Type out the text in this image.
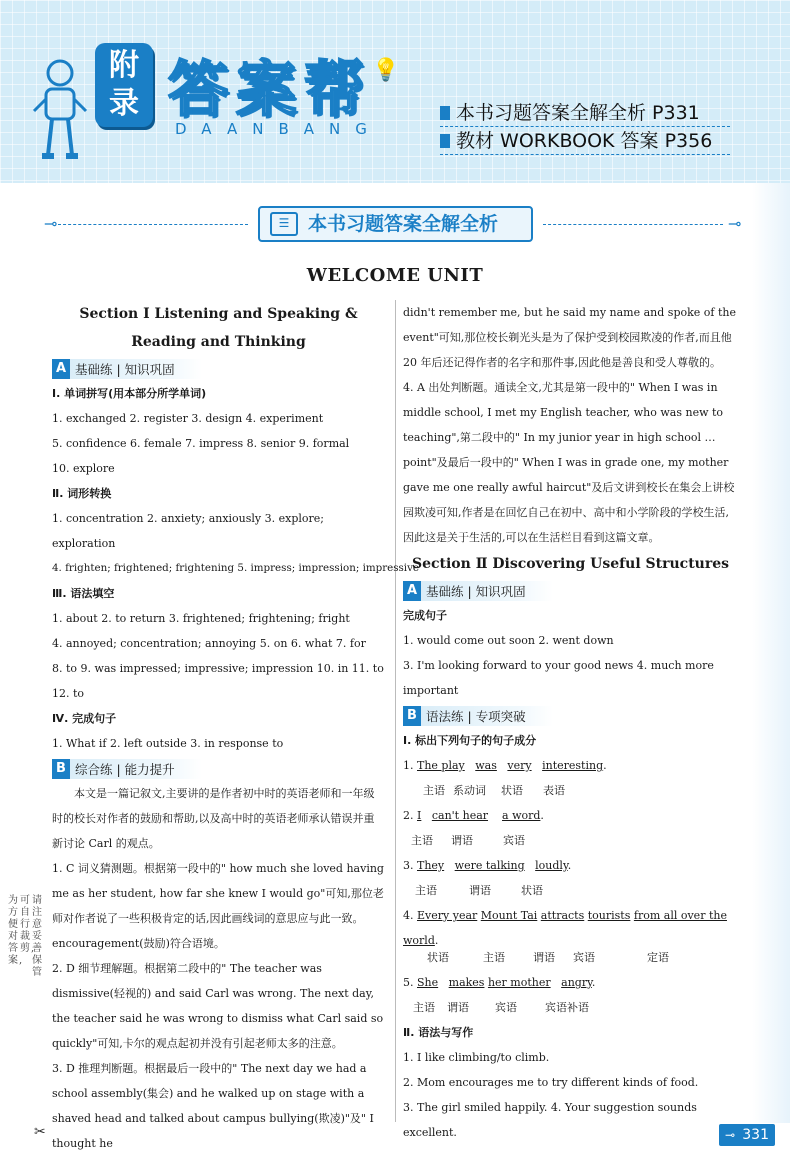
附
录 答案帮
DAANBANG
💡
本书习题答案全解全析 P331
教材 WORKBOOK 答案 P356
⊸	⊸
☰ 本书习题答案全解全析
WELCOME UNIT
Section Ⅰ Listening and Speaking &
Reading and Thinking
A 基础练 | 知识巩固
Ⅰ. 单词拼写(用本部分所学单词)
1. exchanged 2. register 3. design 4. experiment
5. confidence 6. female 7. impress 8. senior 9. formal
10. explore
Ⅱ. 词形转换
1. concentration 2. anxiety; anxiously 3. explore; exploration
4. frighten; frightened; frightening 5. impress; impression; impressive
Ⅲ. 语法填空
1. about 2. to return 3. frightened; frightening; fright
4. annoyed; concentration; annoying 5. on 6. what 7. for
8. to 9. was impressed; impressive; impression 10. in 11. to
12. to
Ⅳ. 完成句子
1. What if 2. left outside 3. in response to
B 综合练 | 能力提升
本文是一篇记叙文,主要讲的是作者初中时的英语老师和一年级时的校长对作者的鼓励和帮助,以及高中时的英语老师承认错误并重新讨论 Carl 的观点。
1. C 词义猜测题。根据第一段中的" how much she loved having me as her student, how far she knew I would go"可知,那位老师对作者说了一些积极肯定的话,因此画线词的意思应与此一致。encouragement(鼓励)符合语境。
2. D 细节理解题。根据第二段中的" The teacher was dismissive(轻视的) and said Carl was wrong. The next day, the teacher said he was wrong to dismiss what Carl said so quickly"可知,卡尔的观点起初并没有引起老师太多的注意。
3. D 推理判断题。根据最后一段中的" The next day we had a school assembly(集会) and he walked up on stage with a shaved head and talked about campus bullying(欺凌)"及" I thought he
didn't remember me, but he said my name and spoke of the event"可知,那位校长剃光头是为了保护受到校园欺凌的作者,而且他 20 年后还记得作者的名字和那件事,因此他是善良和受人尊敬的。
4. A 出处判断题。通读全文,尤其是第一段中的" When I was in middle school, I met my English teacher, who was new to teaching",第二段中的" In my junior year in high school … point"及最后一段中的" When I was in grade one, my mother gave me one really awful haircut"及后文讲到校长在集会上讲校园欺凌可知,作者是在回忆自己在初中、高中和小学阶段的学校生活,因此这是关于生活的,可以在生活栏目看到这篇文章。
Section Ⅱ Discovering Useful Structures
A 基础练 | 知识巩固
完成句子
1. would come out soon 2. went down
3. I'm looking forward to your good news 4. much more important
B 语法练 | 专项突破
Ⅰ. 标出下列句子的句子成分
1. The play was very interesting.
主语 系动词	状语	表语
2. I can't hear a word.
主语	谓语	宾语
3. They were talking loudly.
主语	谓语	状语
4. Every year Mount Tai attracts tourists from all over the world.
状语	主语	谓语	宾语	定语
5. She makes her mother angry.
主语	谓语	宾语	宾语补语
Ⅱ. 语法与写作
1. I like climbing/to climb.
2. Mom encourages me to try different kinds of food.
3. The girl smiled happily. 4. Your suggestion sounds excellent.
为方便对答案,
可自行裁剪,
请注意妥善保管
✂	⊸ 331
